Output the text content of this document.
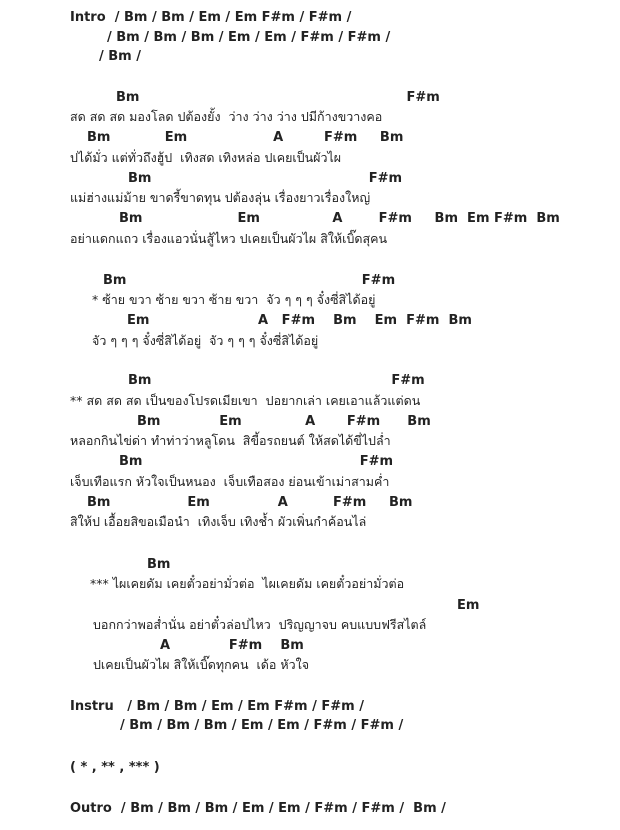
Intro  / Bm / Bm / Em / Em F#m / F#m /
/ Bm / Bm / Bm / Em / Em / F#m / F#m /
/ Bm /
Bm                                                           F#m
สด สด สด มองโลด ปต้องยั้ง  ว่าง ว่าง ว่าง ปมีก้างขวางคอ
Bm            Em                   A         F#m     Bm
ปได้มั่ว แต่ทั่วถึงฮู้ป  เทิงสด เทิงหล่อ ปเคยเป็นผัวไผ
Bm                                                F#m
แม่ฮ่างแม่ม้าย ขาดรี้ขาดทุน ปต้องลุ่น เรื่องยาวเรื่องใหญ่
Bm                     Em                A        F#m     Bm  Em F#m  Bm
อย่าแดกแถว เรื่องแอวนั่นสู้ไหว ปเคยเป็นผัวไผ สิให้เบิ๊ดสุคน
Bm                                                    F#m
* ซ้าย ขวา ซ้าย ขวา ซ้าย ขวา  จัว ๆ ๆ ๆ จั๋งซี่สิได้อยู่
Em                        A   F#m    Bm    Em  F#m  Bm
จัว ๆ ๆ ๆ จั๋งซี่สิได้อยู่  จัว ๆ ๆ ๆ จั๋งซี่สิได้อยู่
Bm                                                     F#m
** สด สด สด เป็นของโปรดเมียเขา  ปอยากเล่า เคยเอาแล้วแต่ดน
Bm             Em              A       F#m      Bm
หลอกกินไข่ด่า ทำท่าว่าหลูโดน  สิขี้อรถยนต์ ให้สดได้ขี่ไปล่ำ
Bm                                                F#m
เจ็บเทือแรก หัวใจเป็นหนอง  เจ็บเทือสอง ย่อนเข้าเม่าสามค่ำ
Bm                 Em               A          F#m     Bm
สิให้ป เอื้อยสิขอเมือนำ  เทิงเจ็บ เทิงช้ำ ผัวเพิ่นกำค้อนไล่
Bm
*** ไผเคยดัม เคยตั๋วอย่ามั่วต่อ  ไผเคยดัม เคยตั๋วอย่ามั่วต่อ
Em
บอกกว่าพอส่ำนั่น อย่าตั๋วล่อปไหว  ปริญญาจบ คบแบบฟรีสไตล์
A             F#m    Bm
ปเคยเป็นผัวไผ สิให้เบิ๊ดทุกคน  เด้อ หัวใจ
Instru   / Bm / Bm / Em / Em F#m / F#m /
/ Bm / Bm / Bm / Em / Em / F#m / F#m /
( * , ** , *** )
Outro  / Bm / Bm / Bm / Em / Em / F#m / F#m /  Bm /
